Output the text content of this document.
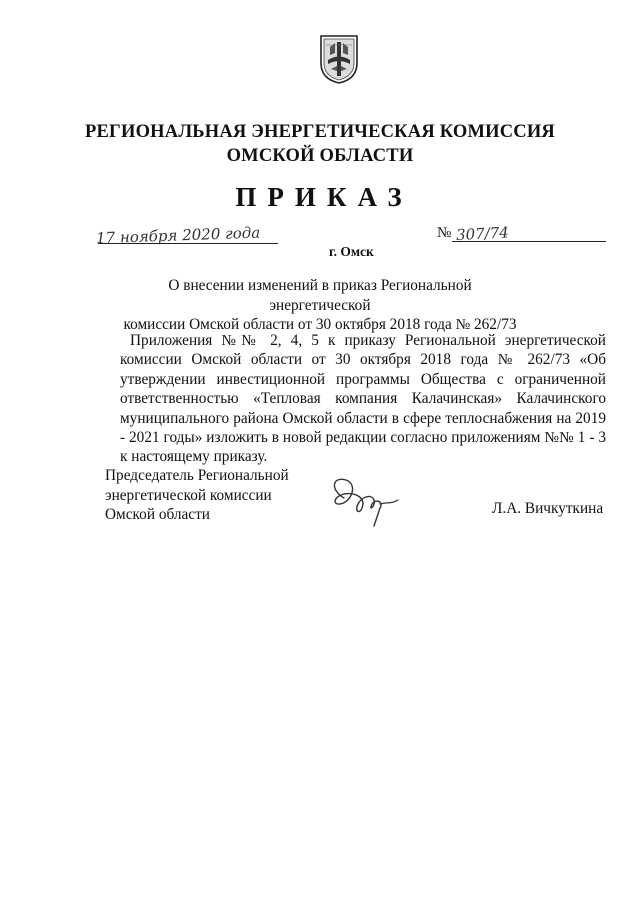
РЕГИОНАЛЬНАЯ ЭНЕРГЕТИЧЕСКАЯ КОМИССИЯ
ОМСКОЙ ОБЛАСТИ
ПРИКАЗ
17 ноября 2020 года
г. Омск
№ 307/74
О внесении изменений в приказ Региональной энергетической
комиссии Омской области от 30 октября 2018 года № 262/73
Приложения №№ 2, 4, 5 к приказу Региональной энергетической комиссии Омской области от 30 октября 2018 года № 262/73 «Об утверждении инвестиционной программы Общества с ограниченной ответственностью «Тепловая компания Калачинская» Калачинского муниципального района Омской области в сфере теплоснабжения на 2019 - 2021 годы» изложить в новой редакции согласно приложениям №№ 1 - 3 к настоящему приказу.
Председатель Региональной
энергетической комиссии
Омской области	Л.А. Вичкуткина
